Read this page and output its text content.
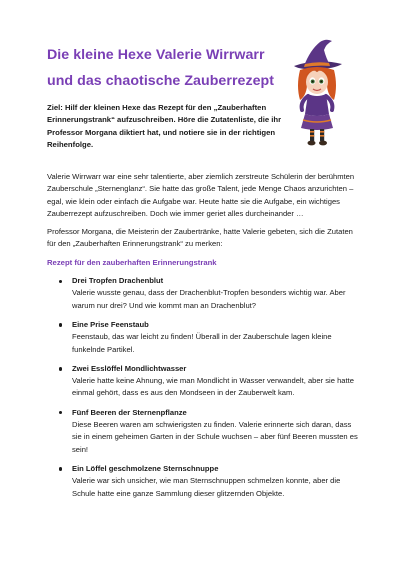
Die kleine Hexe Valerie Wirrwarr
und das chaotische Zauberrezept

Ziel: Hilf der kleinen Hexe das Rezept für den „Zauberhaften Erinnerungstrank“ aufzuschreiben. Höre die Zutatenliste, die ihr Professor Morgana diktiert hat, und notiere sie in der richtigen Reihenfolge.

Valerie Wirrwarr war eine sehr talentierte, aber ziemlich zerstreute Schülerin der berühmten Zauberschule „Sternenglanz“. Sie hatte das große Talent, jede Menge Chaos anzurichten – egal, wie klein oder einfach die Aufgabe war. Heute hatte sie die Aufgabe, ein wichtiges Zauberrezept aufzuschreiben. Doch wie immer geriet alles durcheinander …

Professor Morgana, die Meisterin der Zaubertränke, hatte Valerie gebeten, sich die Zutaten für den „Zauberhaften Erinnerungstrank“ zu merken:

Rezept für den zauberhaften Erinnerungstrank

Drei Tropfen Drachenblut
Valerie wusste genau, dass der Drachenblut-Tropfen besonders wichtig war. Aber warum nur drei? Und wie kommt man an Drachenblut?
Eine Prise Feenstaub
Feenstaub, das war leicht zu finden! Überall in der Zauberschule lagen kleine funkelnde Partikel.
Zwei Esslöffel Mondlichtwasser
Valerie hatte keine Ahnung, wie man Mondlicht in Wasser verwandelt, aber sie hatte einmal gehört, dass es aus den Mondseen in der Zauberwelt kam.
Fünf Beeren der Sternenpflanze
Diese Beeren waren am schwierigsten zu finden. Valerie erinnerte sich daran, dass sie in einem geheimen Garten in der Schule wuchsen – aber fünf Beeren mussten es sein!
Ein Löffel geschmolzene Sternschnuppe
Valerie war sich unsicher, wie man Sternschnuppen schmelzen konnte, aber die Schule hatte eine ganze Sammlung dieser glitzernden Objekte.
